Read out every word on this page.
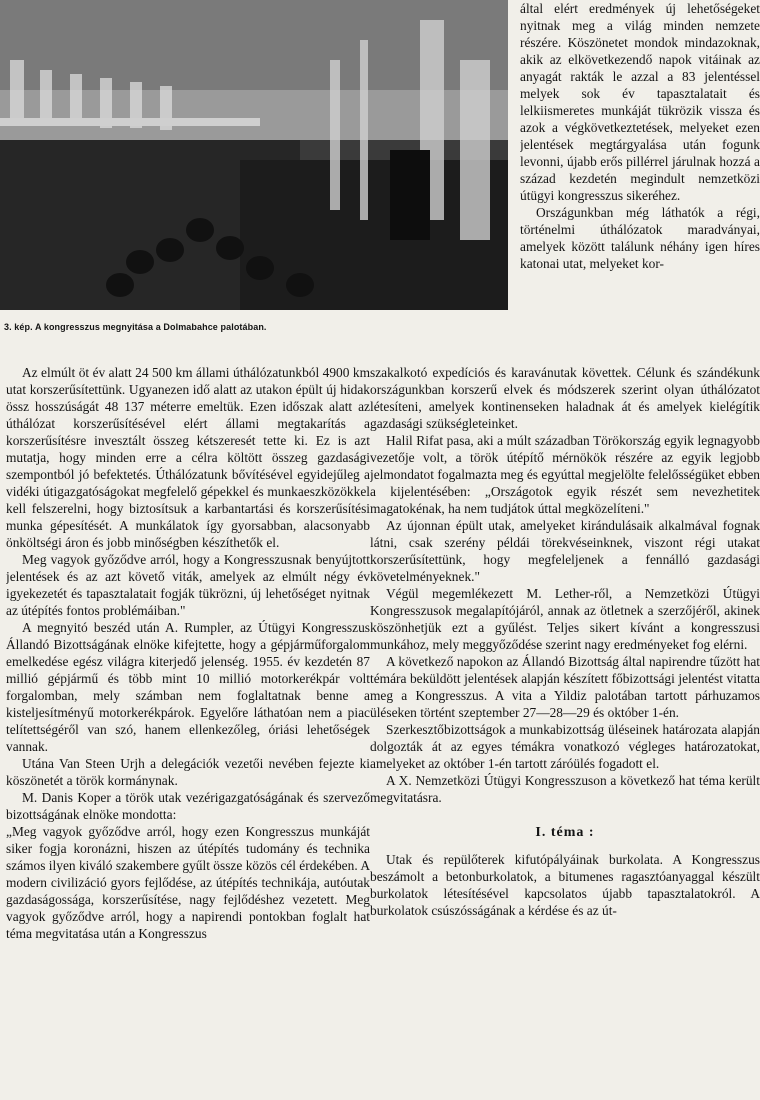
3. kép. A kongresszus megnyitása a Dolmabahce palotában.

által elért eredmények új lehetőségeket nyitnak meg a világ minden nemzete részére. Köszönetet mondok mindazoknak, akik az elkövetkezendő napok vitáinak az anyagát rakták le azzal a 83 jelentéssel melyek sok év tapasztalatait és lelkiismeretes munkáját tükrözik vissza és azok a végkövetkeztetések, melyeket ezen jelentések megtárgyalása után fogunk levonni, újabb erős pillérrel járulnak hozzá a század kezdetén megindult nemzetközi útügyi kongresszus sikeréhez.

Országunkban még láthatók a régi, történelmi úthálózatok maradványai, amelyek között találunk néhány igen híres katonai utat, melyeket kor-

Az elmúlt öt év alatt 24 500 km állami úthálózatunkból 4900 km utat korszerűsítettünk. Ugyanezen idő alatt az utakon épült új hidak össz hosszúságát 48 137 méterre emeltük. Ezen időszak alatt az úthálózat korszerűsítésével elért állami megtakarítás a korszerűsítésre invesztált összeg kétszeresét tette ki. Ez is azt mutatja, hogy minden erre a célra költött összeg gazdasági szempontból jó befektetés. Úthálózatunk bővítésével egyidejűleg a vidéki útigazgatóságokat megfelelő gépekkel és munkaeszközökkel kell felszerelni, hogy biztosítsuk a karbantartási és korszerűsítési munka gépesítését. A munkálatok így gyorsabban, alacsonyabb önköltségi áron és jobb minőségben készíthetők el.

Meg vagyok győződve arról, hogy a Kongresszusnak benyújtott jelentések és az azt követő viták, amelyek az elmúlt négy év igyekezetét és tapasztalatait fogják tükrözni, új lehetőséget nyitnak az útépítés fontos problémáiban."

A megnyitó beszéd után A. Rumpler, az Útügyi Kongresszus Állandó Bizottságának elnöke kifejtette, hogy a gépjárműforgalom emelkedése egész világra kiterjedő jelenség. 1955. év kezdetén 87 millió gépjármű és több mint 10 millió motorkerékpár volt forgalomban, mely számban nem foglaltatnak benne a kisteljesítményű motorkerékpárok. Egyelőre láthatóan nem a piac telítettségéről van szó, hanem ellenkezőleg, óriási lehetőségek vannak.

Utána Van Steen Urjh a delegációk vezetői nevében fejezte ki köszönetét a török kormánynak.

M. Danis Koper a török utak vezérigazgatóságának és szervező bizottságának elnöke mondotta:

„Meg vagyok győződve arról, hogy ezen Kongresszus munkáját siker fogja koronázni, hiszen az útépítés tudomány és technika számos ilyen kiváló szakembere gyűlt össze közös cél érdekében. A modern civilizáció gyors fejlődése, az útépítés technikája, autóutak gazdaságossága, korszerűsítése, nagy fejlődéshez vezetett. Meg vagyok győződve arról, hogy a napirendi pontokban foglalt hat téma megvitatása után a Kongresszus

szakalkotó expedíciós és karavánutak követtek. Célunk és szándékunk országunkban korszerű elvek és módszerek szerint olyan úthálózatot létesíteni, amelyek kontinenseken haladnak át és amelyek kielégítik gazdasági szükségleteinket.

Halil Rifat pasa, aki a múlt században Törökország egyik legnagyobb vezetője volt, a török útépítő mérnökök részére az egyik legjobb jelmondatot fogalmazta meg és egyúttal megjelölte felelősségüket ebben a kijelentésében: „Országotok egyik részét sem nevezhetitek magatokénak, ha nem tudjátok úttal megközelíteni."

Az újonnan épült utak, amelyeket kirándulásaik alkalmával fognak látni, csak szerény példái törekvéseinknek, viszont régi utakat korszerűsítettünk, hogy megfeleljenek a fennálló gazdasági követelményeknek."

Végül megemlékezett M. Lether-ről, a Nemzetközi Útügyi Kongresszusok megalapítójáról, annak az ötletnek a szerzőjéről, akinek köszönhetjük ezt a gyűlést. Teljes sikert kívánt a kongresszusi munkához, mely meggyőződése szerint nagy eredményeket fog elérni.

A következő napokon az Állandó Bizottság által napirendre tűzött hat témára beküldött jelentések alapján készített főbizottsági jelentést vitatta meg a Kongresszus. A vita a Yildiz palotában tartott párhuzamos üléseken történt szeptember 27—28—29 és október 1-én.

Szerkesztőbizottságok a munkabizottság üléseinek határozata alapján dolgozták át az egyes témákra vonatkozó végleges határozatokat, amelyeket az október 1-én tartott záróülés fogadott el.

A X. Nemzetközi Útügyi Kongresszuson a következő hat téma került megvitatásra.

I. téma :

Utak és repülőterek kifutópályáinak burkolata. A Kongresszus beszámolt a betonburkolatok, a bitumenes ragasztóanyaggal készült burkolatok létesítésével kapcsolatos újabb tapasztalatokról. A burkolatok csúszósságának a kérdése és az út-
